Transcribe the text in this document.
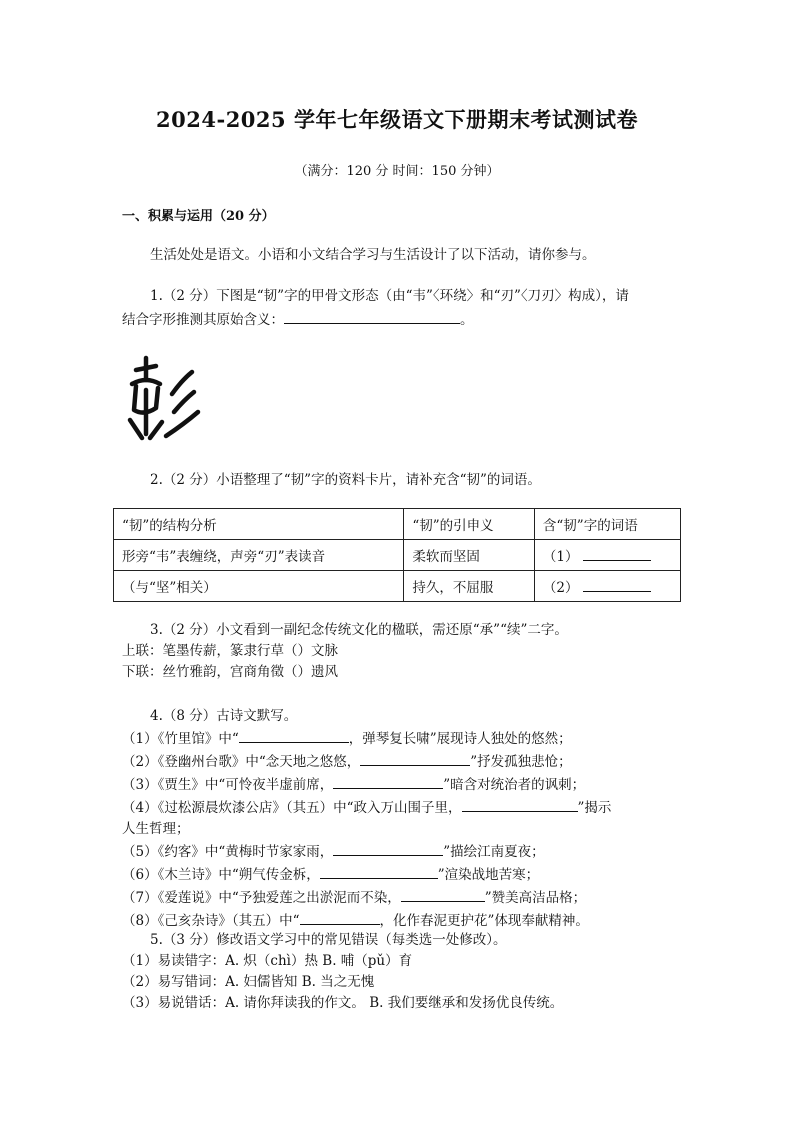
2024-2025 学年七年级语文下册期末考试测试卷
（满分：120 分 时间：150 分钟）
一、积累与运用（20 分）
生活处处是语文。小语和小文结合学习与生活设计了以下活动，请你参与。
1.（2 分）下图是“韧”字的甲骨文形态（由“韦”〈环绕〉和“刃”〈刀刃〉构成），请
结合字形推测其原始含义：	。
2.（2 分）小语整理了“韧”字的资料卡片，请补充含“韧”的词语。
“韧”的结构分析	“韧”的引申义	含“韧”字的词语
形旁“韦”表缠绕，声旁“刃”表读音	柔软而坚固	（1）
（与“坚”相关）	持久，不屈服	（2）
3.（2 分）小文看到一副纪念传统文化的楹联，需还原“承”“续”二字。
上联：笔墨传薪，篆隶行草（）文脉
下联：丝竹雅韵，宫商角徵（）遗风
4.（8 分）古诗文默写。
（1）《竹里馆》中“	，弹琴复长啸”展现诗人独处的悠然；
（2）《登幽州台歌》中“念天地之悠悠，	”抒发孤独悲怆；
（3）《贾生》中“可怜夜半虚前席，	”暗含对统治者的讽刺；
（4）《过松源晨炊漆公店》（其五）中“政入万山围子里，	”揭示
人生哲理；
（5）《约客》中“黄梅时节家家雨，	”描绘江南夏夜；
（6）《木兰诗》中“朔气传金柝，	”渲染战地苦寒；
（7）《爱莲说》中“予独爱莲之出淤泥而不染，	”赞美高洁品格；
（8）《己亥杂诗》（其五）中“	，化作春泥更护花”体现奉献精神。
5.（3 分）修改语文学习中的常见错误（每类选一处修改）。
（1）易读错字：A. 炽（chì）热 B. 哺（pǔ）育
（2）易写错词：A. 妇儒皆知 B. 当之无愧
（3）易说错话：A. 请你拜读我的作文。 B. 我们要继承和发扬优良传统。
